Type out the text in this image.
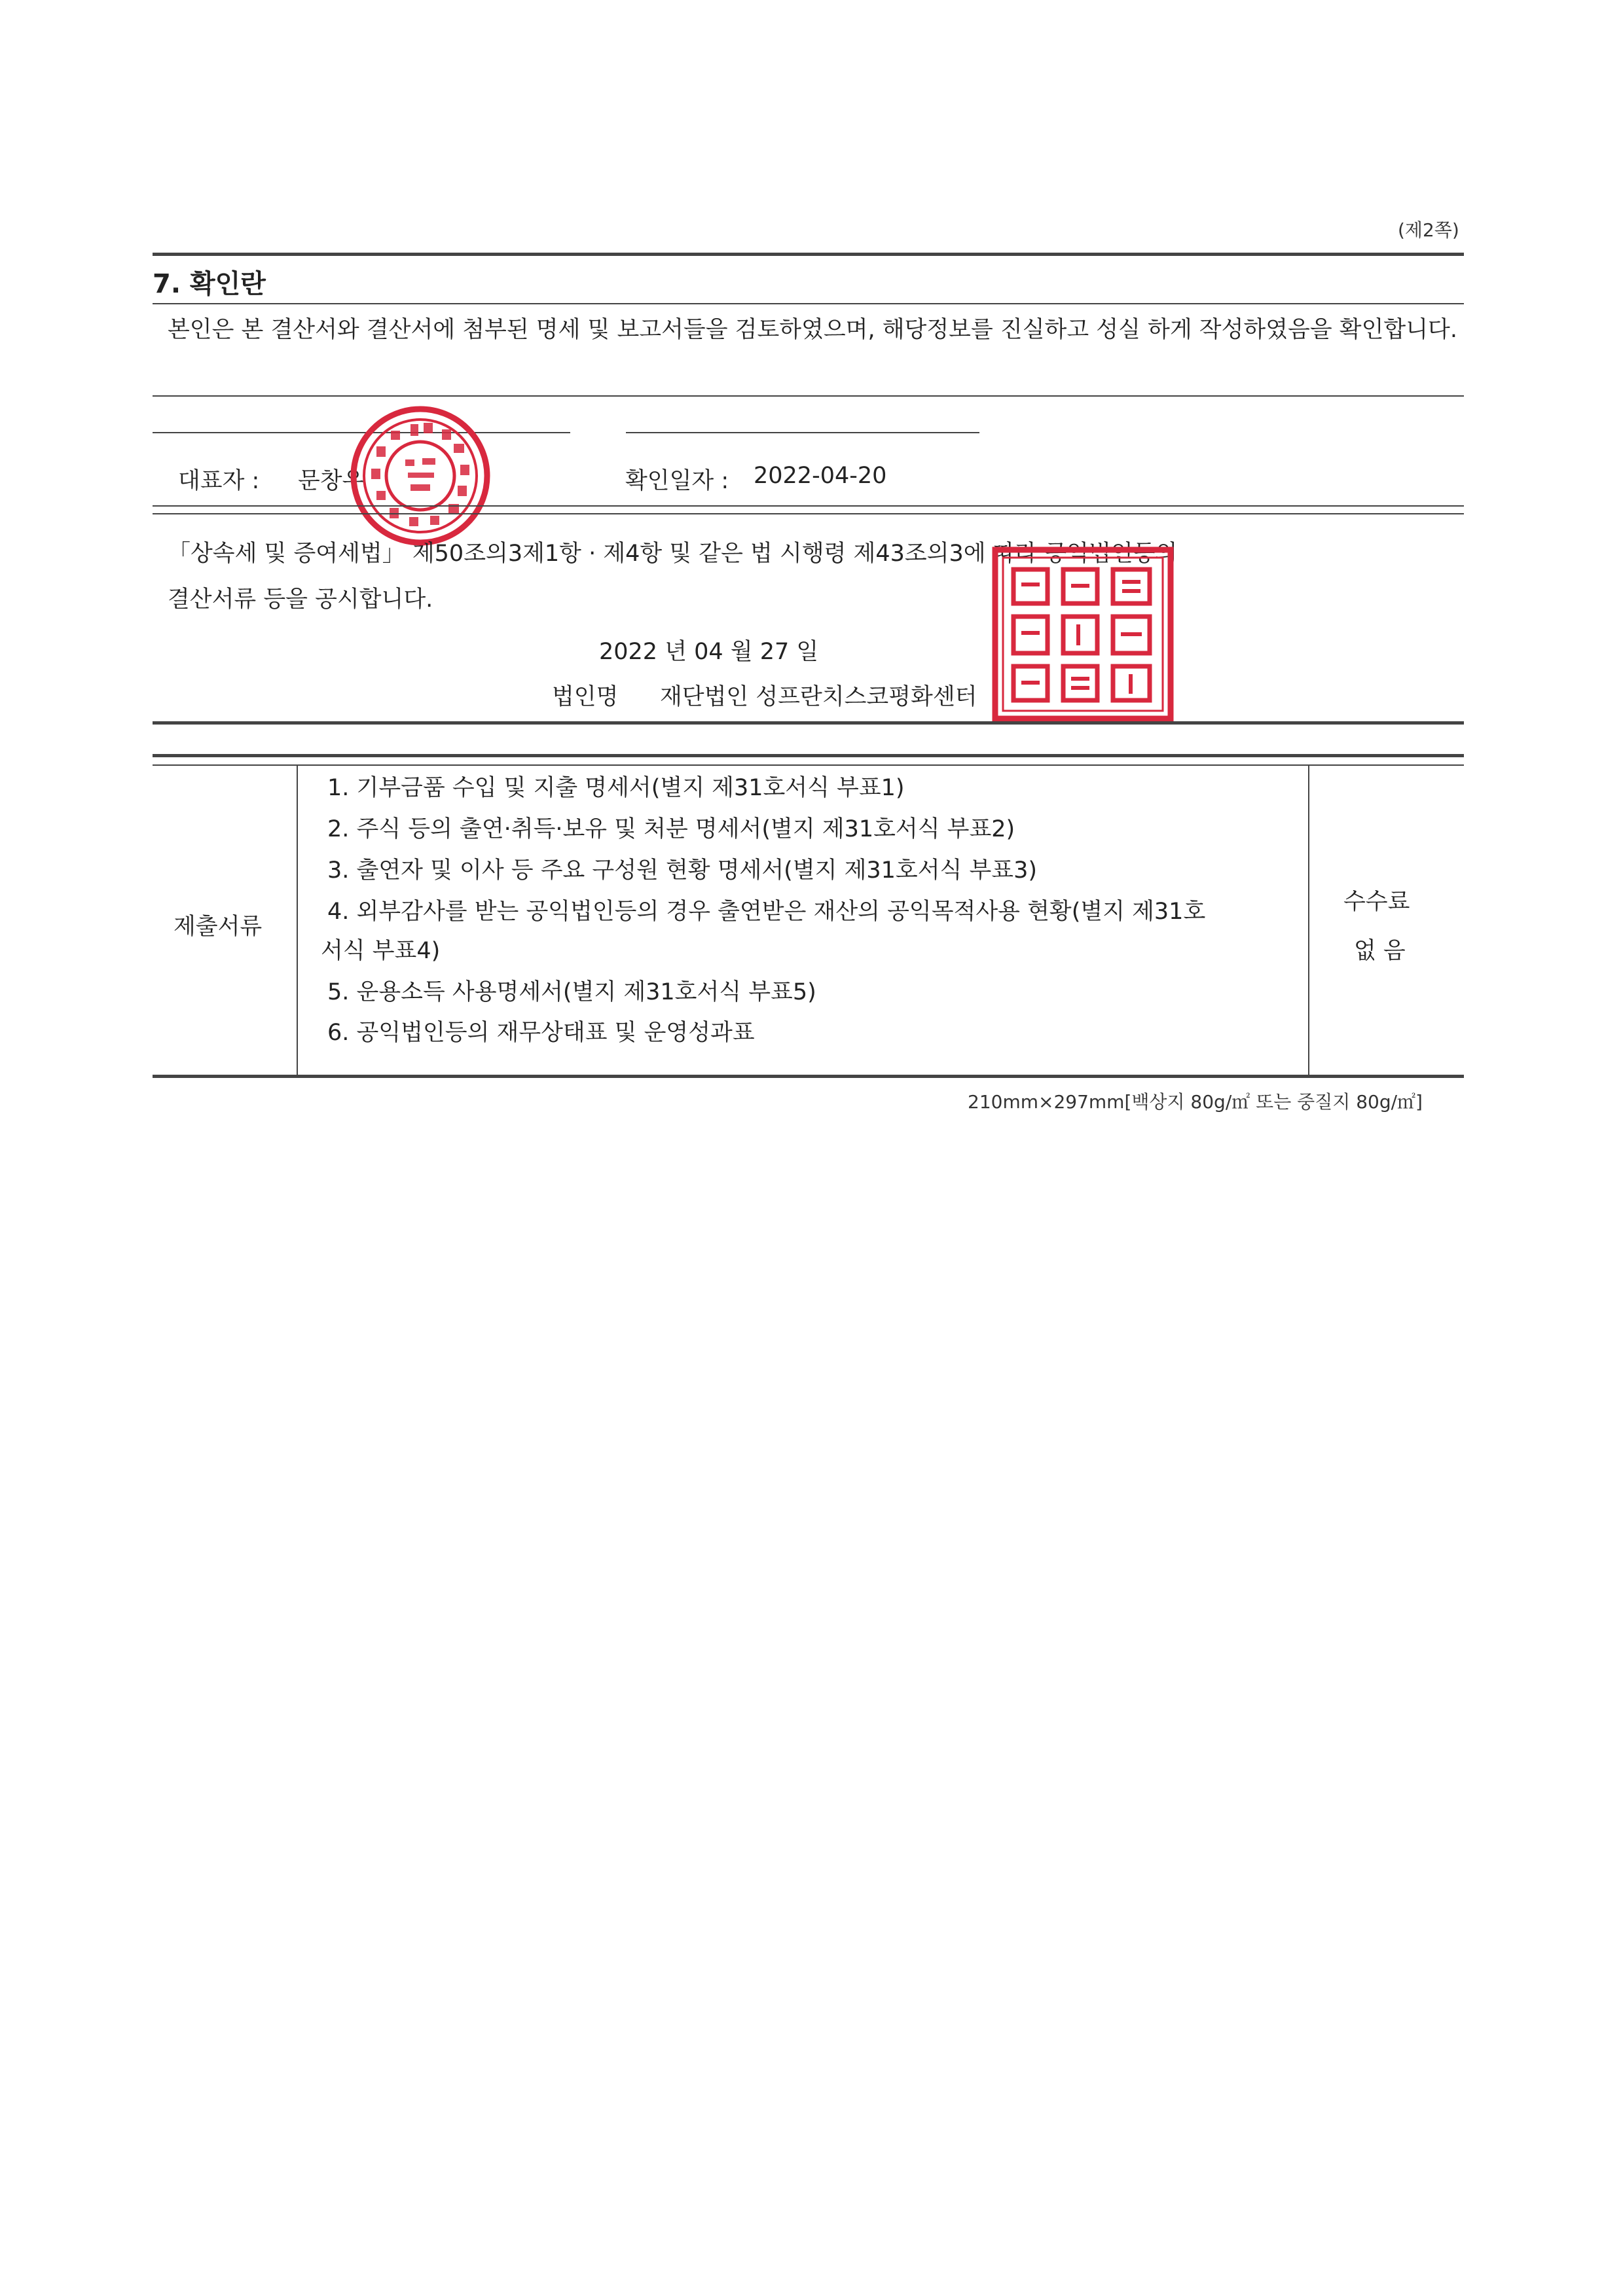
(제2쪽)
7. 확인란
본인은 본 결산서와 결산서에 첨부된 명세 및 보고서들을 검토하였으며, 해당정보를 진실하고 성실 하게 작성하였음을 확인합니다.
대표자 : 문창우	확인일자 : 2022-04-20
「상속세 및 증여세법」 제50조의3제1항 · 제4항 및 같은 법 시행령 제43조의3에 따라 공익법인등의
결산서류 등을 공시합니다.
2022 년 04 월 27 일
법인명 재단법인 성프란치스코평화센터
제출서류
1. 기부금품 수입 및 지출 명세서(별지 제31호서식 부표1)
2. 주식 등의 출연·취득·보유 및 처분 명세서(별지 제31호서식 부표2)
3. 출연자 및 이사 등 주요 구성원 현황 명세서(별지 제31호서식 부표3)
4. 외부감사를 받는 공익법인등의 경우 출연받은 재산의 공익목적사용 현황(별지 제31호
서식 부표4)
5. 운용소득 사용명세서(별지 제31호서식 부표5)
6. 공익법인등의 재무상태표 및 운영성과표
수수료
없 음
210mm×297mm[백상지 80g/㎡ 또는 중질지 80g/㎡]
